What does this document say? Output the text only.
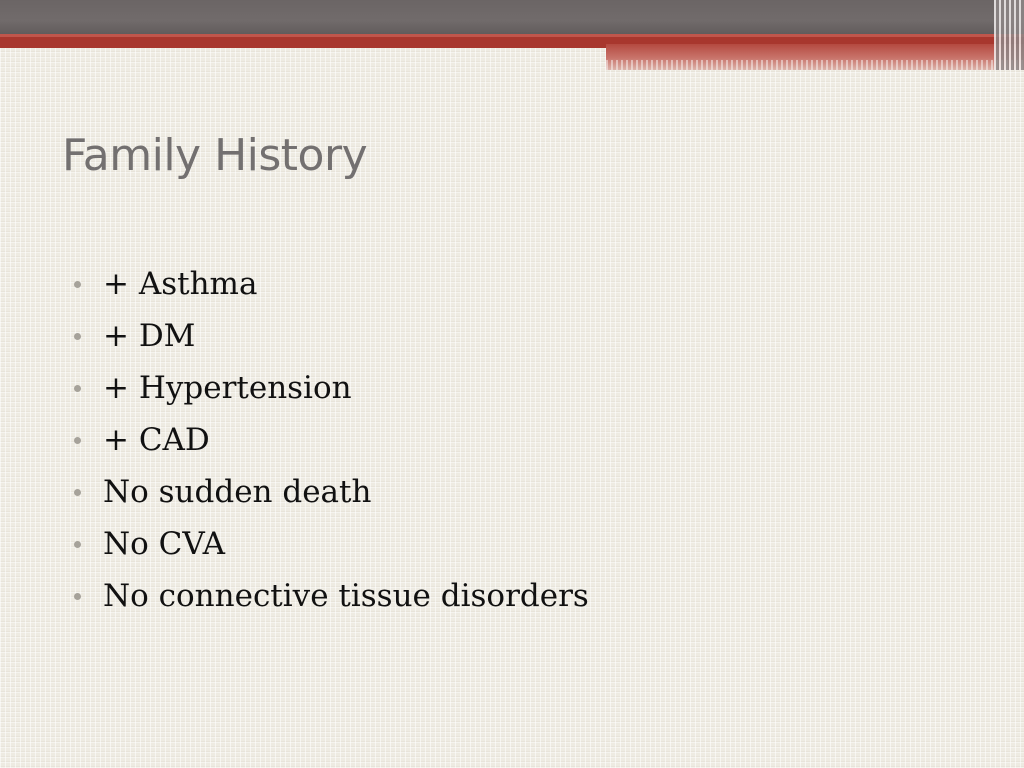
Family History
+ Asthma
+ DM
+ Hypertension
+ CAD
No sudden death
No CVA
No connective tissue disorders
